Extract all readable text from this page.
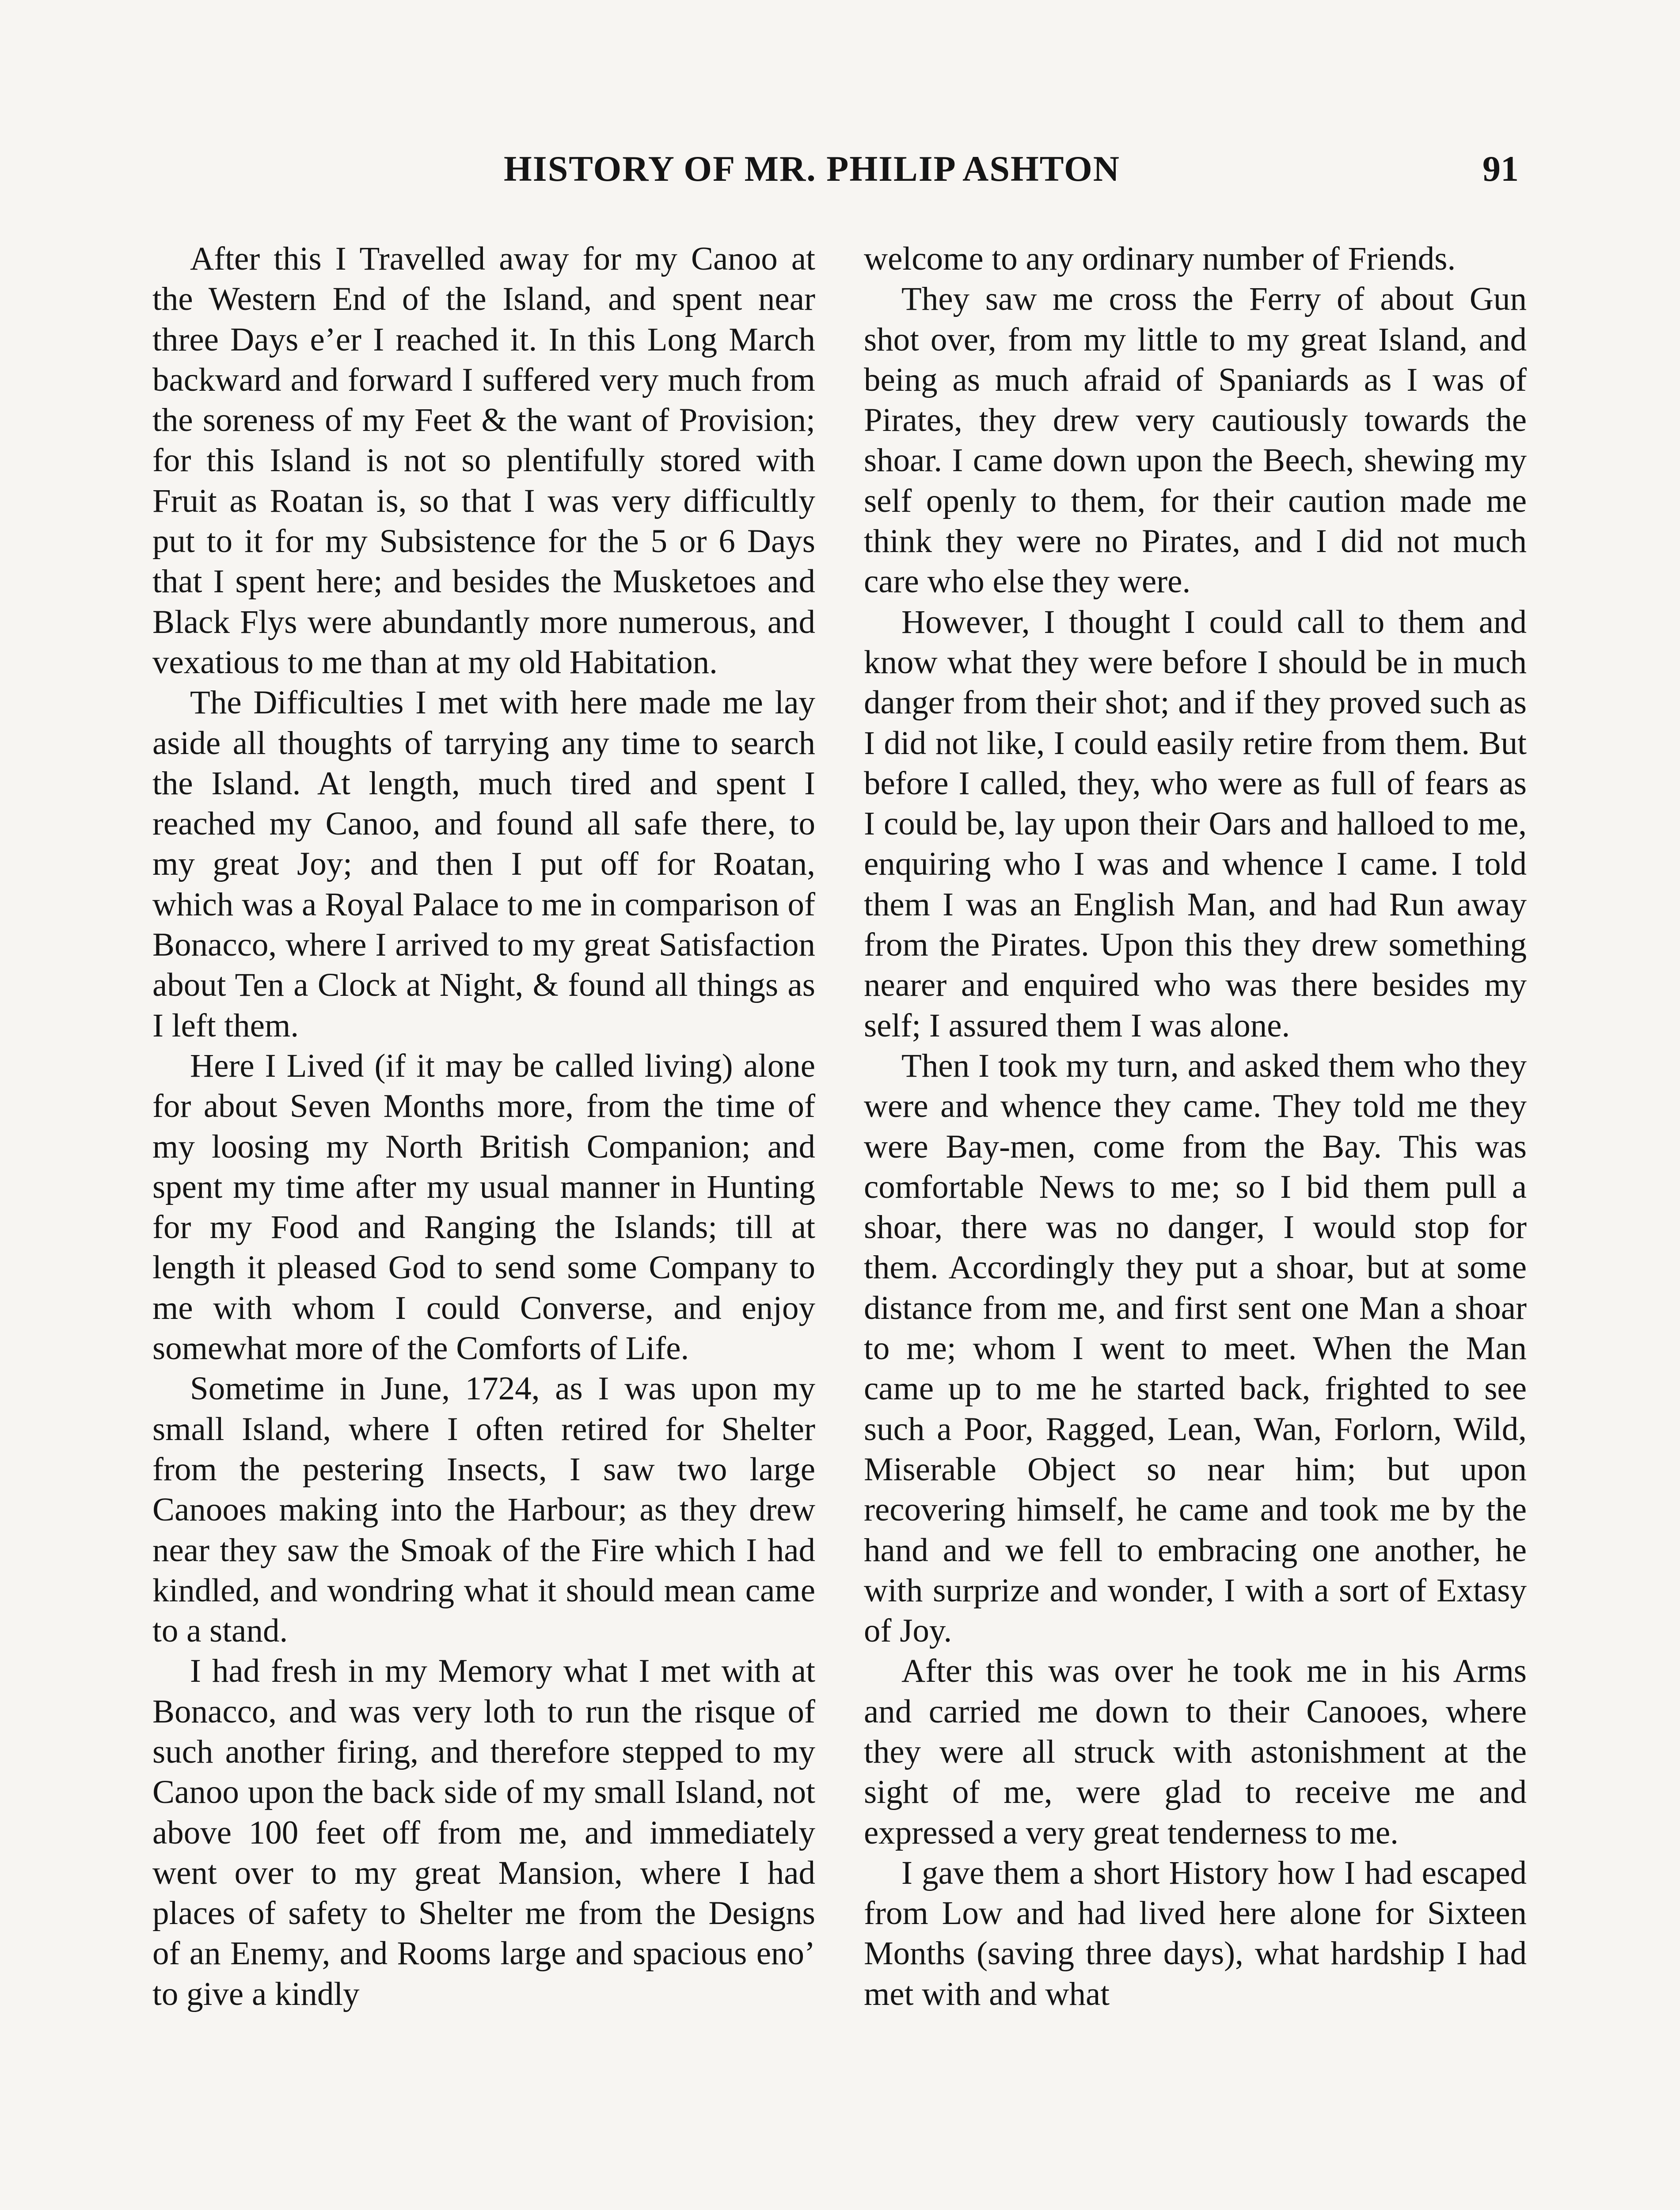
HISTORY OF MR. PHILIP ASHTON	91

After this I Travelled away for my Canoo at the Western End of the Island, and spent near three Days e’er I reached it. In this Long March backward and forward I suffered very much from the soreness of my Feet & the want of Provision; for this Island is not so plentifully stored with Fruit as Roatan is, so that I was very difficultly put to it for my Subsistence for the 5 or 6 Days that I spent here; and besides the Musketoes and Black Flys were abundantly more numerous, and vexatious to me than at my old Habitation.

The Difficulties I met with here made me lay aside all thoughts of tarrying any time to search the Island. At length, much tired and spent I reached my Canoo, and found all safe there, to my great Joy; and then I put off for Roatan, which was a Royal Palace to me in comparison of Bonacco, where I arrived to my great Satisfaction about Ten a Clock at Night, & found all things as I left them.

Here I Lived (if it may be called living) alone for about Seven Months more, from the time of my loosing my North British Companion; and spent my time after my usual manner in Hunting for my Food and Ranging the Islands; till at length it pleased God to send some Company to me with whom I could Converse, and enjoy somewhat more of the Comforts of Life.

Sometime in June, 1724, as I was upon my small Island, where I often retired for Shelter from the pestering Insects, I saw two large Canooes making into the Harbour; as they drew near they saw the Smoak of the Fire which I had kindled, and wondring what it should mean came to a stand.

I had fresh in my Memory what I met with at Bonacco, and was very loth to run the risque of such another firing, and therefore stepped to my Canoo upon the back side of my small Island, not above 100 feet off from me, and immediately went over to my great Mansion, where I had places of safety to Shelter me from the Designs of an Enemy, and Rooms large and spacious eno’ to give a kindly

welcome to any ordinary number of Friends.

They saw me cross the Ferry of about Gun shot over, from my little to my great Island, and being as much afraid of Spaniards as I was of Pirates, they drew very cautiously towards the shoar. I came down upon the Beech, shewing my self openly to them, for their caution made me think they were no Pirates, and I did not much care who else they were.

However, I thought I could call to them and know what they were before I should be in much danger from their shot; and if they proved such as I did not like, I could easily retire from them. But before I called, they, who were as full of fears as I could be, lay upon their Oars and halloed to me, enquiring who I was and whence I came. I told them I was an English Man, and had Run away from the Pirates. Upon this they drew something nearer and enquired who was there besides my self; I assured them I was alone.

Then I took my turn, and asked them who they were and whence they came. They told me they were Bay-men, come from the Bay. This was comfortable News to me; so I bid them pull a shoar, there was no danger, I would stop for them. Accordingly they put a shoar, but at some distance from me, and first sent one Man a shoar to me; whom I went to meet. When the Man came up to me he started back, frighted to see such a Poor, Ragged, Lean, Wan, Forlorn, Wild, Miserable Object so near him; but upon recovering himself, he came and took me by the hand and we fell to embracing one another, he with surprize and wonder, I with a sort of Extasy of Joy.

After this was over he took me in his Arms and carried me down to their Canooes, where they were all struck with astonishment at the sight of me, were glad to receive me and expressed a very great tenderness to me.

I gave them a short History how I had escaped from Low and had lived here alone for Sixteen Months (saving three days), what hardship I had met with and what
